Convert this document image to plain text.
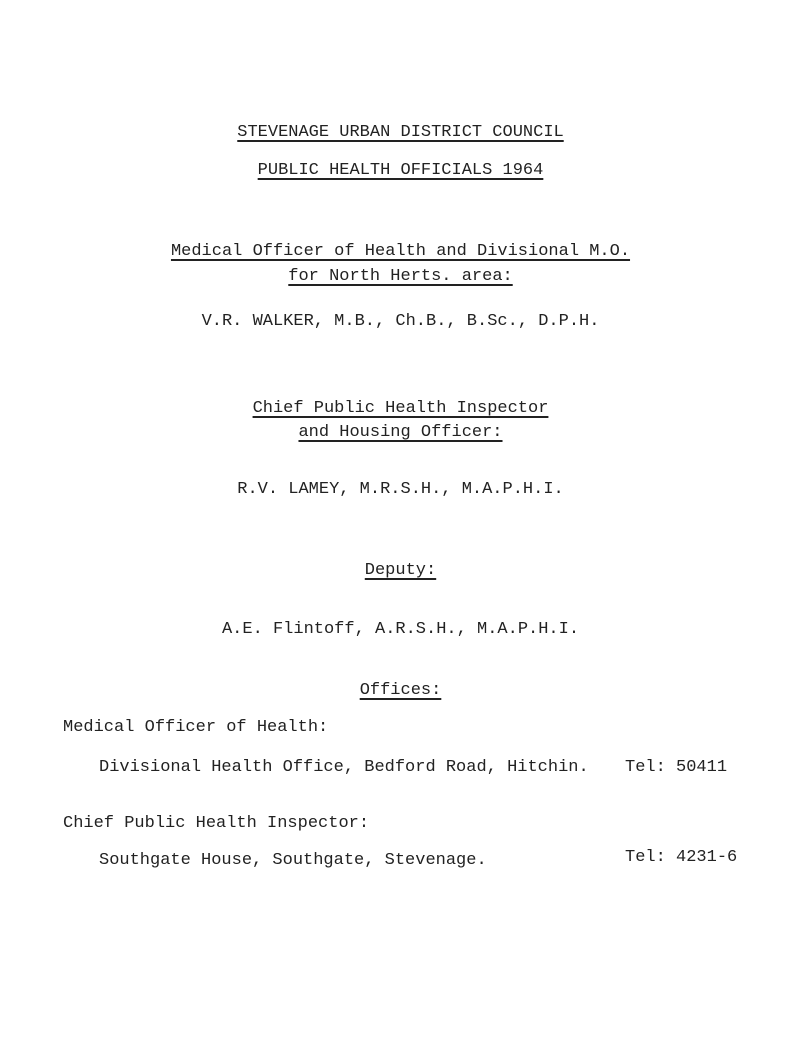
STEVENAGE URBAN DISTRICT COUNCIL
PUBLIC HEALTH OFFICIALS 1964
Medical Officer of Health and Divisional M.O.
for North Herts. area:
V.R. WALKER, M.B., Ch.B., B.Sc., D.P.H.
Chief Public Health Inspector
and Housing Officer:
R.V. LAMEY, M.R.S.H., M.A.P.H.I.
Deputy:
A.E. Flintoff, A.R.S.H., M.A.P.H.I.
Offices:
Medical Officer of Health:
Divisional Health Office, Bedford Road, Hitchin. Tel: 50411
Chief Public Health Inspector:
Southgate House, Southgate, Stevenage.	Tel: 4231-6
